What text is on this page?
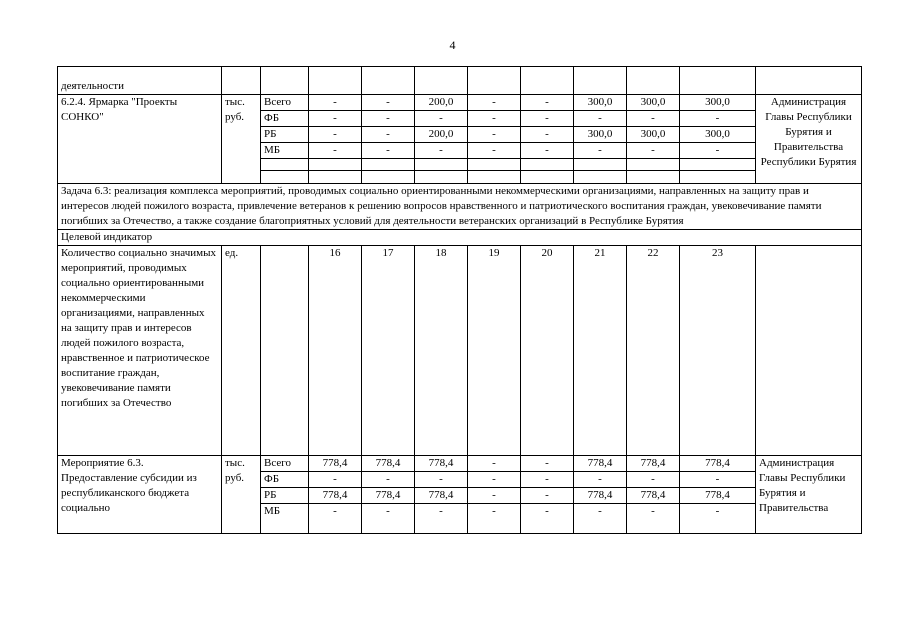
4
деятельности											
6.2.4. Ярмарка "Проекты СОНКО"	тыс. руб.	Всего	-	-	200,0	-	-	300,0	300,0	300,0	Администрация Главы Республики Бурятия и Правительства Республики Бурятия
		ФБ	-	-	-	-	-	-	-	-	
		РБ	-	-	200,0	-	-	300,0	300,0	300,0	
		МБ	-	-	-	-	-	-	-	-	

Задача 6.3: реализация комплекса мероприятий, проводимых социально ориентированными некоммерческими организациями, направленных на защиту прав и интересов людей пожилого возраста, привлечение ветеранов к решению вопросов нравственного и патриотического воспитания граждан, увековечивание памяти погибших за Отечество, а также создание благоприятных условий для деятельности ветеранских организаций в Республике Бурятия											
Целевой индикатор											
Количество социально значимых мероприятий, проводимых социально ориентированными некоммерческими организациями, направленных на защиту прав и интересов людей пожилого возраста, нравственное и патриотическое воспитание граждан, увековечивание памяти погибших за Отечество	ед.		16	17	18	19	20	21	22	23	
Мероприятие 6.3. Предоставление субсидии из республиканского бюджета социально	тыс. руб.	Всего	778,4	778,4	778,4	-	-	778,4	778,4	778,4	Администрация Главы Республики Бурятия и Правительства
		ФБ	-	-	-	-	-	-	-	-	
		РБ	778,4	778,4	778,4	-	-	778,4	778,4	778,4	
		МБ	-	-	-	-	-	-	-	-	
